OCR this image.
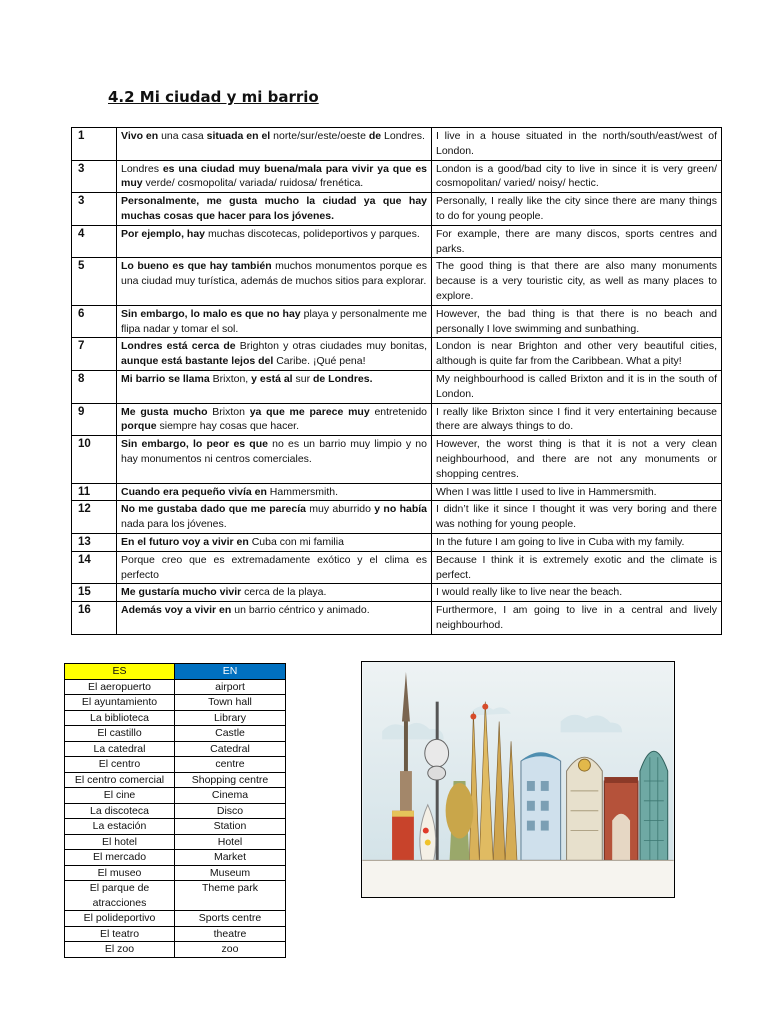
4.2 Mi ciudad y mi barrio
1	Vivo en una casa situada en el norte/sur/este/oeste de Londres.	I live in a house situated in the north/south/east/west of London.
3	Londres es una ciudad muy buena/mala para vivir ya que es muy verde/ cosmopolita/ variada/ ruidosa/ frenética.	London is a good/bad city to live in since it is very green/ cosmopolitan/ varied/ noisy/ hectic.
3	Personalmente, me gusta mucho la ciudad ya que hay muchas cosas que hacer para los jóvenes.	Personally, I really like the city since there are many things to do for young people.
4	Por ejemplo, hay muchas discotecas, polideportivos y parques.	For example, there are many discos, sports centres and parks.
5	Lo bueno es que hay también muchos monumentos porque es una ciudad muy turística, además de muchos sitios para explorar.	The good thing is that there are also many monuments because is a very touristic city, as well as many places to explore.
6	Sin embargo, lo malo es que no hay playa y personalmente me flipa nadar y tomar el sol.	However, the bad thing is that there is no beach and personally I love swimming and sunbathing.
7	Londres está cerca de Brighton y otras ciudades muy bonitas, aunque está bastante lejos del Caribe. ¡Qué pena!	London is near Brighton and other very beautiful cities, although is quite far from the Caribbean. What a pity!
8	Mi barrio se llama Brixton, y está al sur de Londres.	My neighbourhood is called Brixton and it is in the south of London.
9	Me gusta mucho Brixton ya que me parece muy entretenido porque siempre hay cosas que hacer.	I really like Brixton since I find it very entertaining because there are always things to do.
10	Sin embargo, lo peor es que no es un barrio muy limpio y no hay monumentos ni centros comerciales.	However, the worst thing is that it is not a very clean neighbourhood, and there are not any monuments or shopping centres.
11	Cuando era pequeño vivía en Hammersmith.	When I was little I used to live in Hammersmith.
12	No me gustaba dado que me parecía muy aburrido y no había nada para los jóvenes.	I didn’t like it since I thought it was very boring and there was nothing for young people.
13	En el futuro voy a vivir en Cuba con mi familia	In the future I am going to live in Cuba with my family.
14	Porque creo que es extremadamente exótico y el clima es perfecto	Because I think it is extremely exotic and the climate is perfect.
15	Me gustaría mucho vivir cerca de la playa.	I would really like to live near the beach.
16	Además voy a vivir en un barrio céntrico y animado.	Furthermore, I am going to live in a central and lively neighbourhod.
ES	EN
El aeropuerto	airport
El ayuntamiento	Town hall
La biblioteca	Library
El castillo	Castle
La catedral	Catedral
El centro	centre
El centro comercial	Shopping centre
El cine	Cinema
La discoteca	Disco
La estación	Station
El hotel	Hotel
El mercado	Market
El museo	Museum
El parque de atracciones	Theme park
El polideportivo	Sports centre
El teatro	theatre
El zoo	zoo
